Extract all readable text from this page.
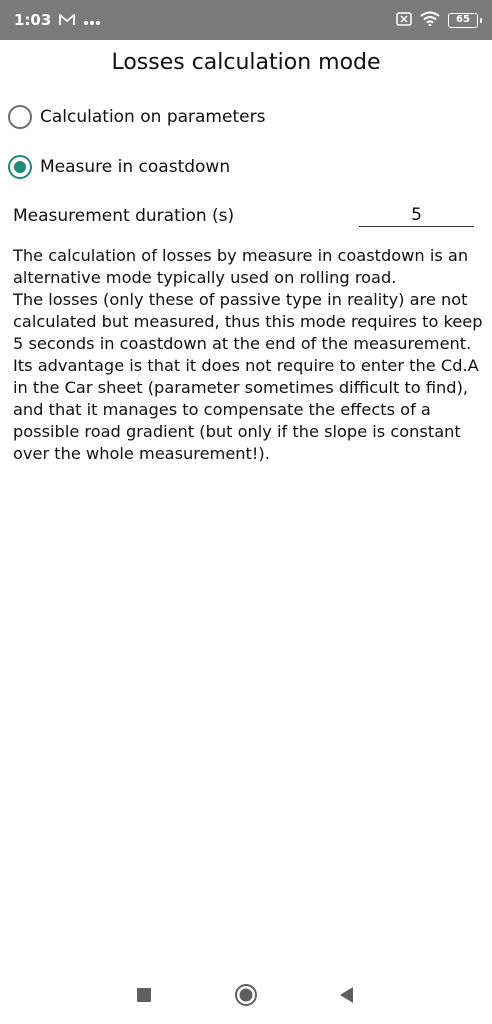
1:03	65
Losses calculation mode
Calculation on parameters
Measure in coastdown
Measurement duration (s)
5

The calculation of losses by measure in coastdown is an alternative mode typically used on rolling road.

The losses (only these of passive type in reality) are not calculated but measured, thus this mode requires to keep 5 seconds in coastdown at the end of the measurement.

Its advantage is that it does not require to enter the Cd.A in the Car sheet (parameter sometimes difficult to find), and that it manages to compensate the effects of a possible road gradient (but only if the slope is constant over the whole measurement!).
